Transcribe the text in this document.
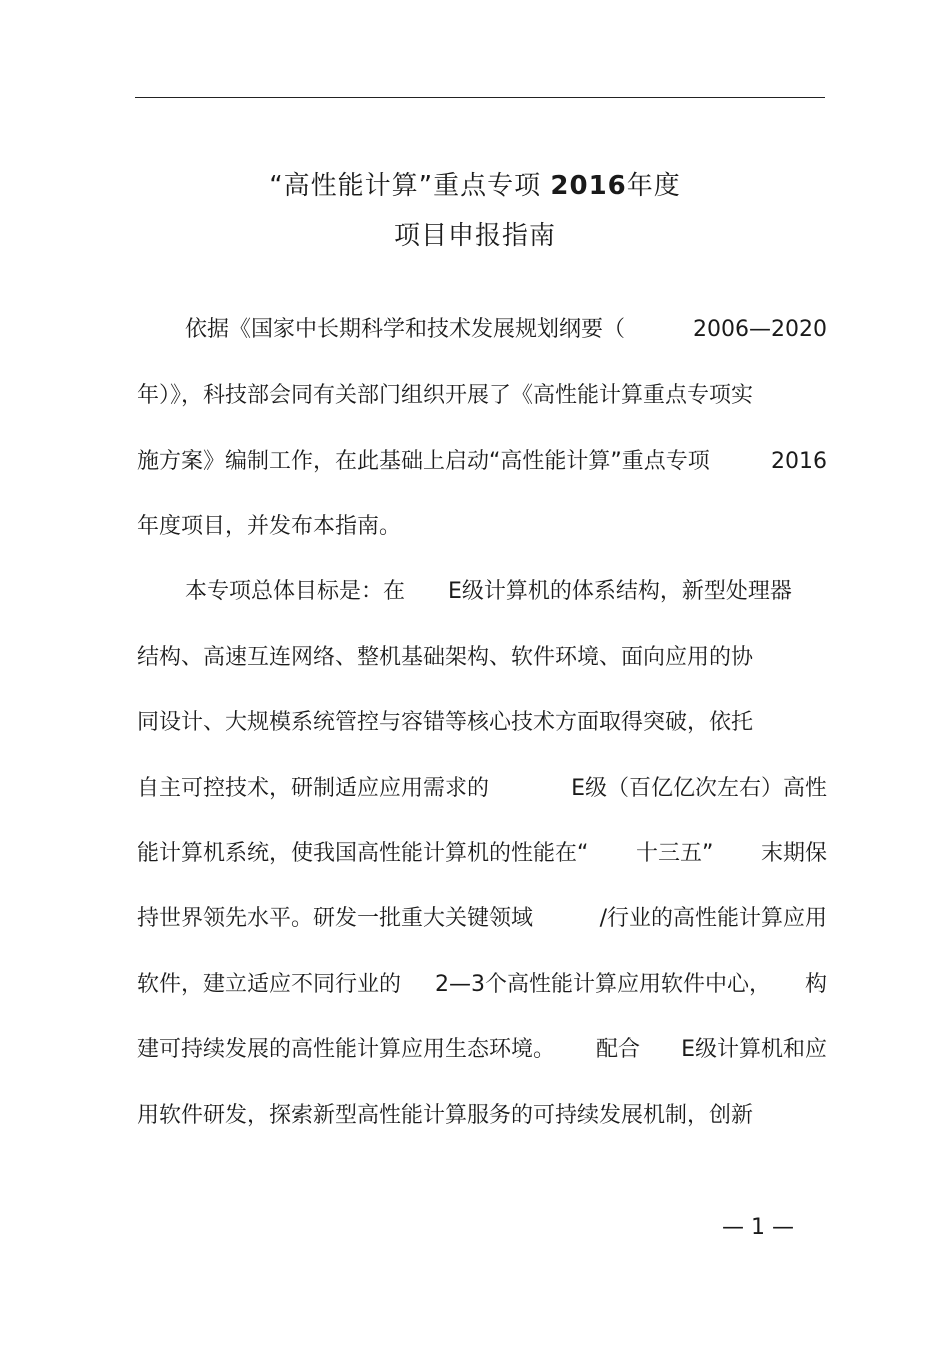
“高性能计算”重点专项 2016年度
项目申报指南
依据《国家中长期科学和技术发展规划纲要（	2006—2020
年）》，科技部会同有关部门组织开展了《高性能计算重点专项实
施方案》编制工作，在此基础上启动“高性能计算”重点专项	2016
年度项目，并发布本指南。
本专项总体目标是：在 E级计算机的体系结构，新型处理器
结构、高速互连网络、整机基础架构、软件环境、面向应用的协
同设计、大规模系统管控与容错等核心技术方面取得突破，依托
自主可控技术，研制适应应用需求的	E级（百亿亿次左右）高性
能计算机系统，使我国高性能计算机的性能在“ 十三五” 末期保
持世界领先水平。研发一批重大关键领域	/行业的高性能计算应用
软件，建立适应不同行业的 2—3个高性能计算应用软件中心， 构
建可持续发展的高性能计算应用生态环境。 配合 E级计算机和应
用软件研发，探索新型高性能计算服务的可持续发展机制，创新
— 1 —
